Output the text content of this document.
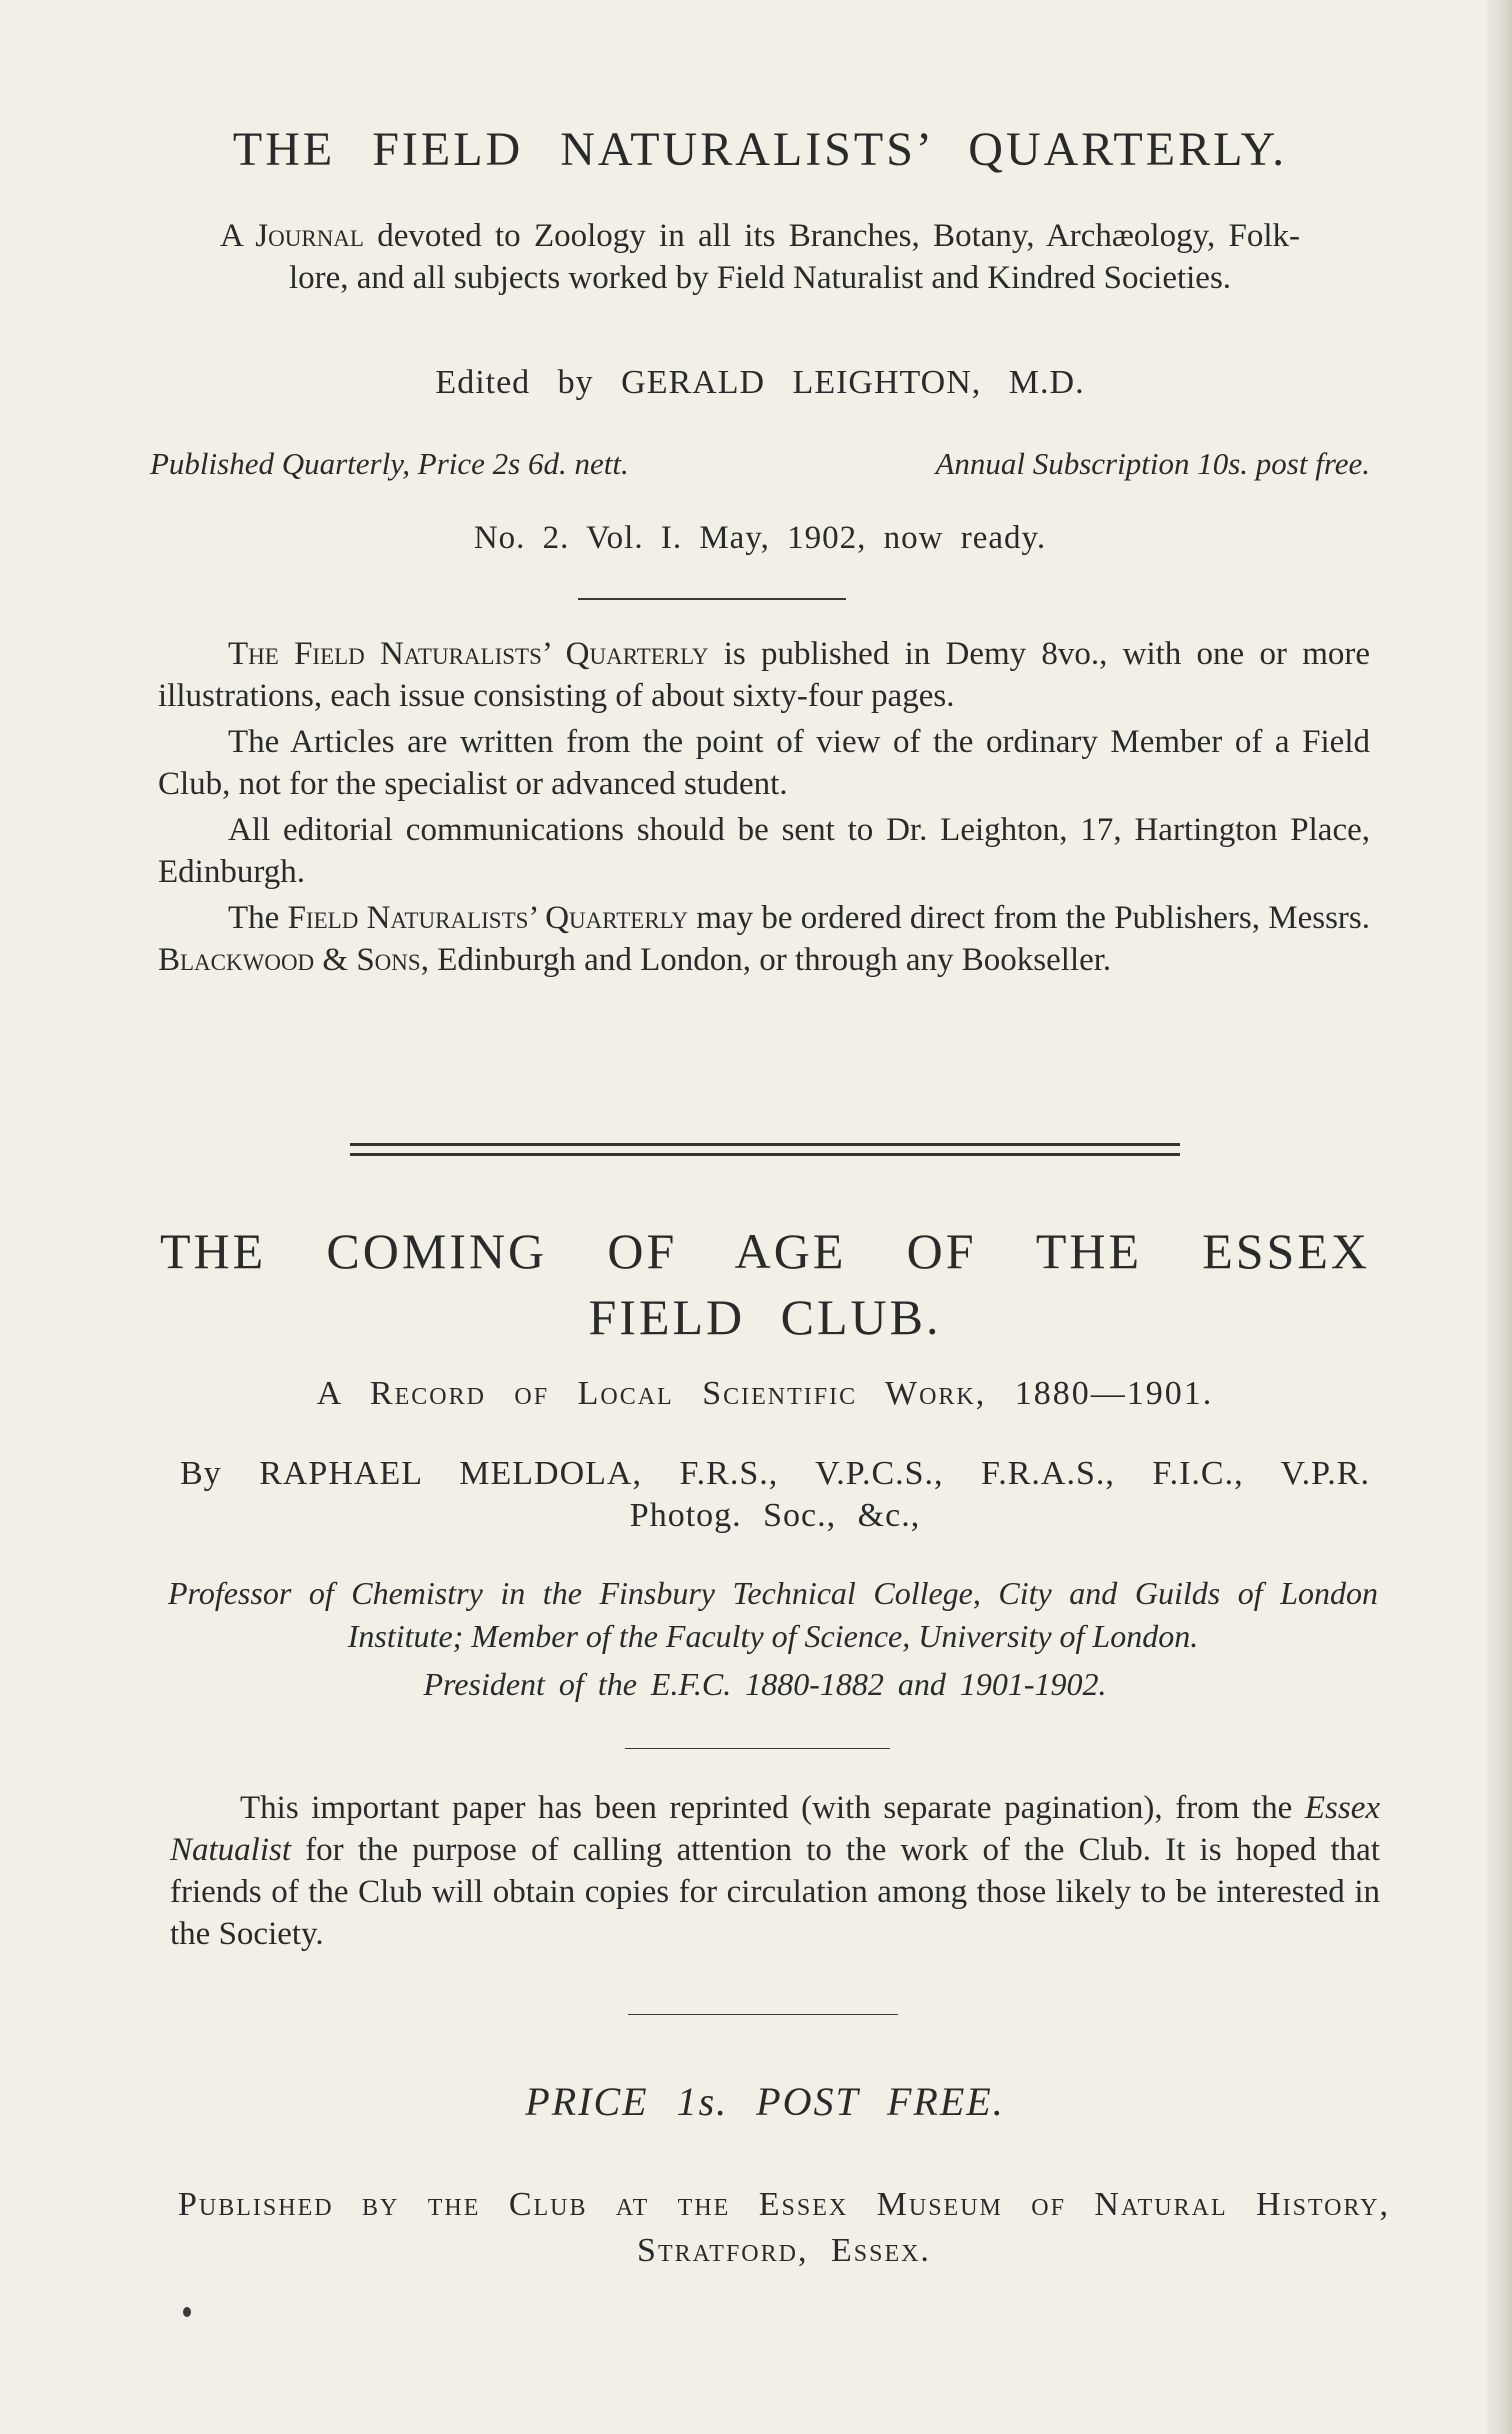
THE FIELD NATURALISTS’ QUARTERLY.
A Journal devoted to Zoology in all its Branches, Botany, Archæology, Folk-lore, and all subjects worked by Field Naturalist and Kindred Societies.
Edited by GERALD LEIGHTON, M.D.
Published Quarterly, Price 2s 6d. nett.	Annual Subscription 10s. post free.
No. 2. Vol. I. May, 1902, now ready.

The Field Naturalists’ Quarterly is published in Demy 8vo., with one or more illustrations, each issue consisting of about sixty-four pages.

The Articles are written from the point of view of the ordinary Member of a Field Club, not for the specialist or advanced student.

All editorial communications should be sent to Dr. Leighton, 17, Hartington Place, Edinburgh.

The Field Naturalists’ Quarterly may be ordered direct from the Publishers, Messrs. Blackwood & Sons, Edinburgh and London, or through any Bookseller.

THE COMING OF AGE OF THE ESSEX FIELD CLUB.
A Record of Local Scientific Work, 1880—1901.
By RAPHAEL MELDOLA, F.R.S., V.P.C.S., F.R.A.S., F.I.C., V.P.R. Photog. Soc., &c.,
Professor of Chemistry in the Finsbury Technical College, City and Guilds of London Institute; Member of the Faculty of Science, University of London.
President of the E.F.C. 1880-1882 and 1901-1902.

This important paper has been reprinted (with separate pagination), from the Essex Natualist for the purpose of calling attention to the work of the Club. It is hoped that friends of the Club will obtain copies for circulation among those likely to be interested in the Society.

PRICE 1s. POST FREE.
Published by the Club at the Essex Museum of Natural History, Stratford, Essex.
